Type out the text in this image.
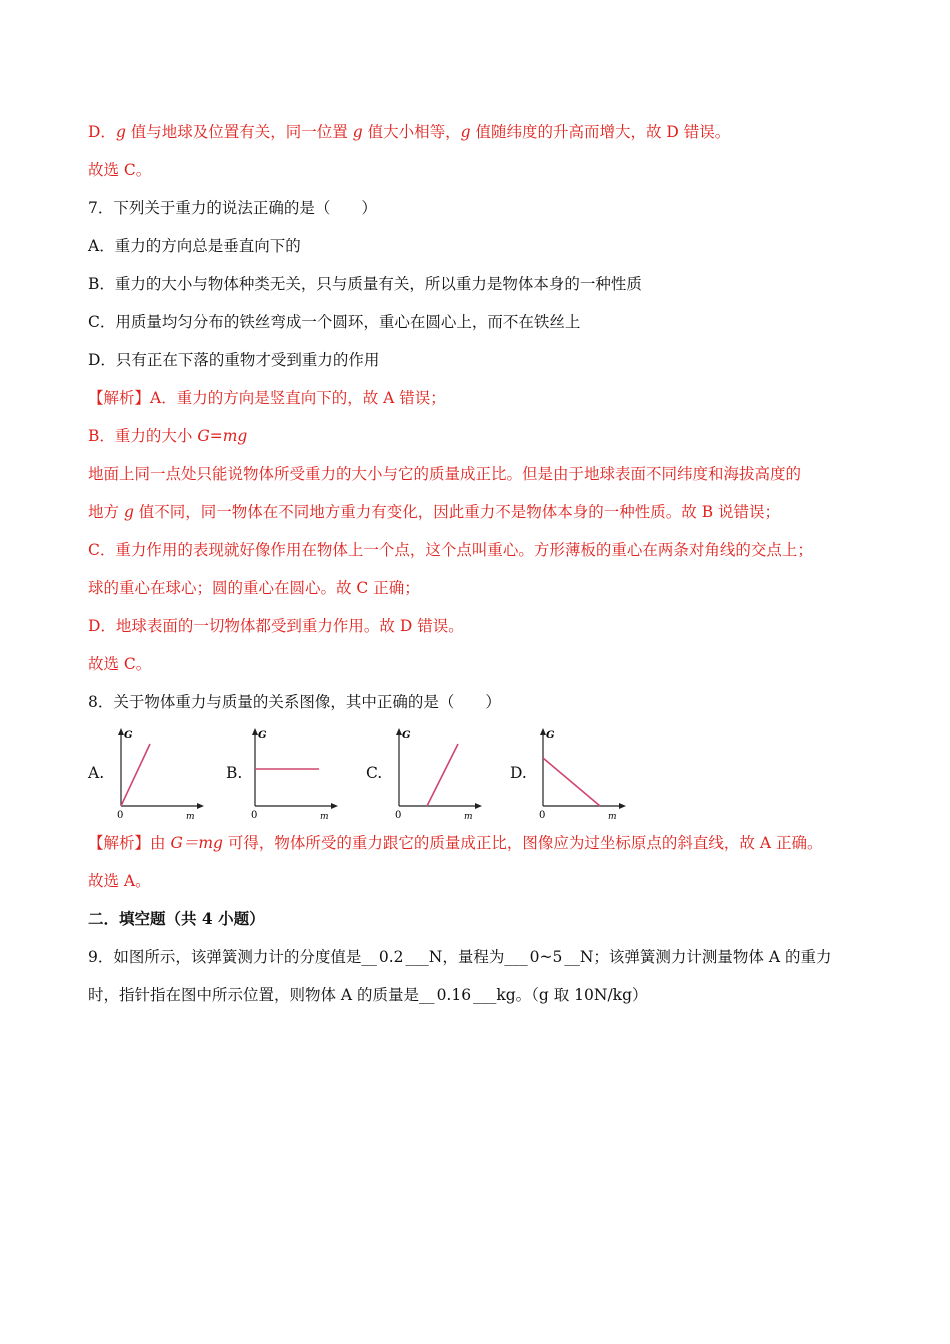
D．g 值与地球及位置有关，同一位置 g 值大小相等，g 值随纬度的升高而增大，故 D 错误。
故选 C。
7．下列关于重力的说法正确的是（　　）
A．重力的方向总是垂直向下的
B．重力的大小与物体种类无关，只与质量有关，所以重力是物体本身的一种性质
C．用质量均匀分布的铁丝弯成一个圆环，重心在圆心上，而不在铁丝上
D．只有正在下落的重物才受到重力的作用
【解析】A．重力的方向是竖直向下的，故 A 错误；
B．重力的大小 G=mg
地面上同一点处只能说物体所受重力的大小与它的质量成正比。但是由于地球表面不同纬度和海拔高度的
地方 g 值不同，同一物体在不同地方重力有变化，因此重力不是物体本身的一种性质。故 B 说错误；
C．重力作用的表现就好像作用在物体上一个点，这个点叫重心。方形薄板的重心在两条对角线的交点上；
球的重心在球心；圆的重心在圆心。故 C 正确；
D．地球表面的一切物体都受到重力作用。故 D 错误。
故选 C。
8．关于物体重力与质量的关系图像，其中正确的是（　　）
A.
G
0	m
B.
G
0	m
C.
G
0	m
D.
G
0	m
【解析】由 G＝mg 可得，物体所受的重力跟它的质量成正比，图像应为过坐标原点的斜直线，故 A 正确。
故选 A。
二．填空题（共 4 小题）
9．如图所示，该弹簧测力计的分度值是__ 0.2 ___N，量程为___ 0~5 __N；该弹簧测力计测量物体 A 的重力
时，指针指在图中所示位置，则物体 A 的质量是__ 0.16 ___kg。（g 取 10N/kg）
